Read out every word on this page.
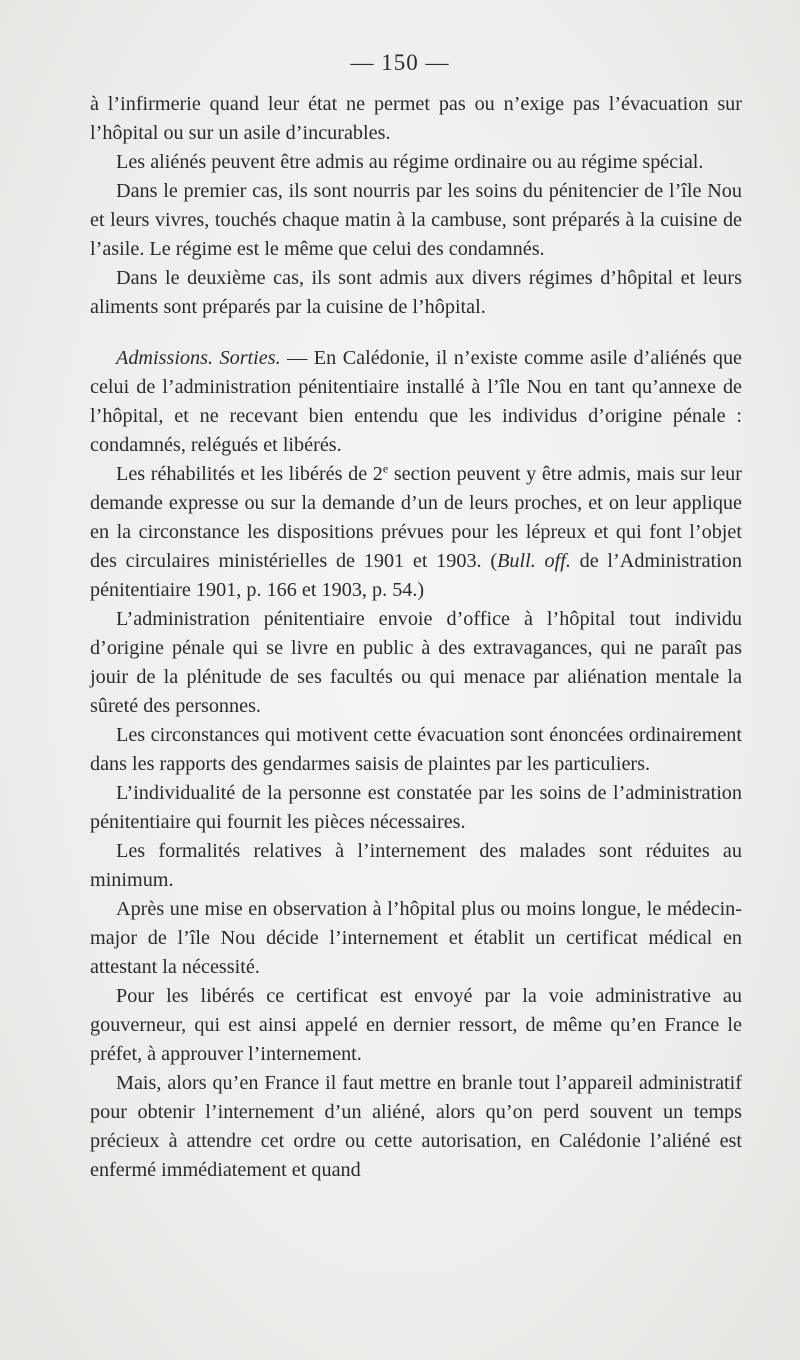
— 150 —

à l’infirmerie quand leur état ne permet pas ou n’exige pas l’évacuation sur l’hôpital ou sur un asile d’incurables.

Les aliénés peuvent être admis au régime ordinaire ou au régime spécial.

Dans le premier cas, ils sont nourris par les soins du pénitencier de l’île Nou et leurs vivres, touchés chaque matin à la cambuse, sont préparés à la cuisine de l’asile. Le régime est le même que celui des condamnés.

Dans le deuxième cas, ils sont admis aux divers régimes d’hôpital et leurs aliments sont préparés par la cuisine de l’hôpital.

Admissions. Sorties. — En Calédonie, il n’existe comme asile d’aliénés que celui de l’administration pénitentiaire installé à l’île Nou en tant qu’annexe de l’hôpital, et ne recevant bien entendu que les individus d’origine pénale : condamnés, relégués et libérés.

Les réhabilités et les libérés de 2e section peuvent y être admis, mais sur leur demande expresse ou sur la demande d’un de leurs proches, et on leur applique en la circonstance les dispositions prévues pour les lépreux et qui font l’objet des circulaires ministérielles de 1901 et 1903. (Bull. off. de l’Administration pénitentiaire 1901, p. 166 et 1903, p. 54.)

L’administration pénitentiaire envoie d’office à l’hôpital tout individu d’origine pénale qui se livre en public à des extravagances, qui ne paraît pas jouir de la plénitude de ses facultés ou qui menace par aliénation mentale la sûreté des personnes.

Les circonstances qui motivent cette évacuation sont énoncées ordinairement dans les rapports des gendarmes saisis de plaintes par les particuliers.

L’individualité de la personne est constatée par les soins de l’administration pénitentiaire qui fournit les pièces nécessaires.

Les formalités relatives à l’internement des malades sont réduites au minimum.

Après une mise en observation à l’hôpital plus ou moins longue, le médecin-major de l’île Nou décide l’internement et établit un certificat médical en attestant la nécessité.

Pour les libérés ce certificat est envoyé par la voie administrative au gouverneur, qui est ainsi appelé en dernier ressort, de même qu’en France le préfet, à approuver l’internement.

Mais, alors qu’en France il faut mettre en branle tout l’appareil administratif pour obtenir l’internement d’un aliéné, alors qu’on perd souvent un temps précieux à attendre cet ordre ou cette autorisation, en Calédonie l’aliéné est enfermé immédiatement et quand
